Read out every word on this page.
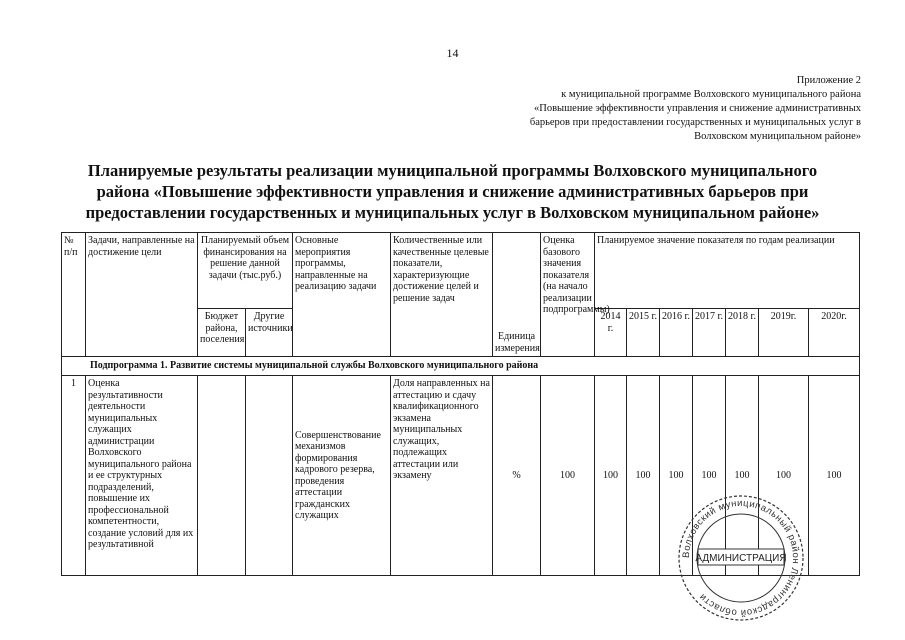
14
Приложение 2
к муниципальной программе Волховского муниципального района
«Повышение эффективности управления и снижение административных
барьеров при предоставлении государственных и муниципальных услуг в
Волховском муниципальном районе»
Планируемые результаты реализации муниципальной программы Волховского муниципального
района «Повышение эффективности управления и снижение административных барьеров при
предоставлении государственных и муниципальных услуг в Волховском муниципальном районе»
№ п/п	Задачи, направленные на достижение цели	Планируемый объем финансирования на решение данной задачи (тыс.руб.)		Основные мероприятия программы, направленные на реализацию задачи	Количественные или качественные целевые показатели, характеризующие достижение целей и решение задач	Единица измерения	Оценка базового значения показателя (на начало реализации подпрограммы)	Планируемое значение показателя по годам реализации						
		Бюджет района, поселения	Другие источники					2014 г.	2015 г.	2016 г.	2017 г.	2018 г.	2019г.	2020г.
Подпрограмма 1. Развитие системы муниципальной службы Волховского муниципального района														
1	Оценка результативности деятельности муниципальных служащих администрации Волховского муниципального района и ее структурных подразделений, повышение их профессиональной компетентности, создание условий для их результативной			Совершенствование механизмов формирования кадрового резерва, проведения аттестации гражданских служащих	Доля направленных на аттестацию и сдачу квалификационного экзамена муниципальных служащих, подлежащих аттестации или экзамену	%	100	100	100	100	100	100	100	100
Волховский муниципальный район Ленинградской области
АДМИНИСТРАЦИЯ
